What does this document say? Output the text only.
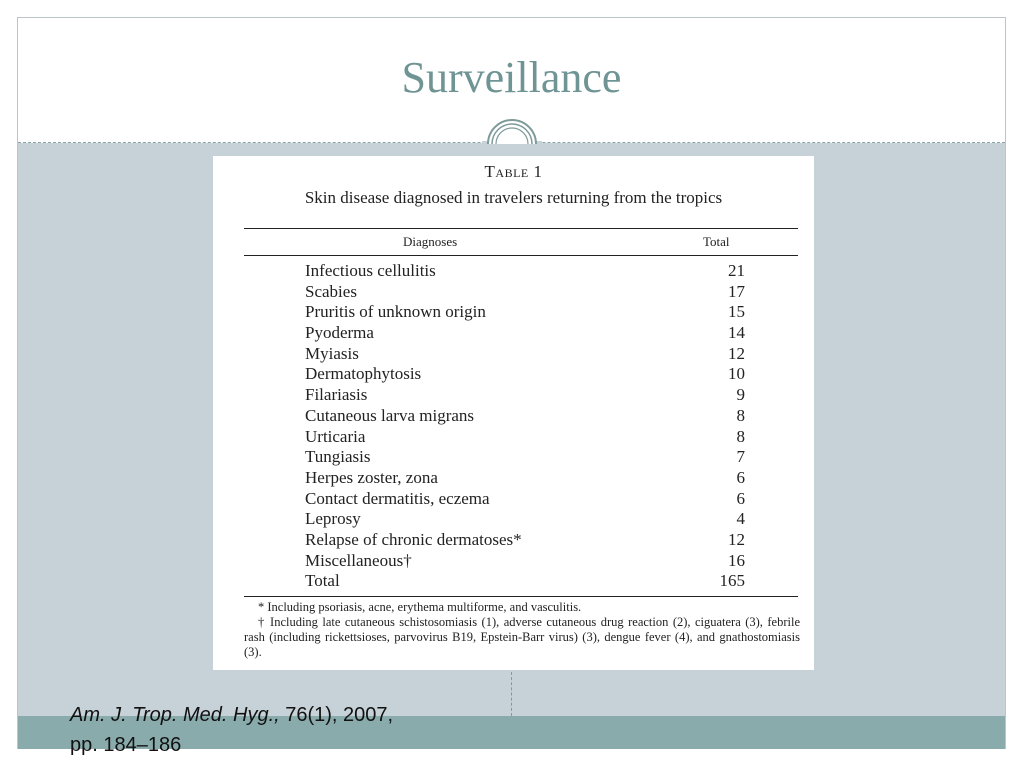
Surveillance
Table 1
Skin disease diagnosed in travelers returning from the tropics
Diagnoses	Total
Infectious cellulitis	21
Scabies	17
Pruritis of unknown origin	15
Pyoderma	14
Myiasis	12
Dermatophytosis	10
Filariasis	9
Cutaneous larva migrans	8
Urticaria	8
Tungiasis	7
Herpes zoster, zona	6
Contact dermatitis, eczema	6
Leprosy	4
Relapse of chronic dermatoses*	12
Miscellaneous†	16
Total	165
* Including psoriasis, acne, erythema multiforme, and vasculitis.
† Including late cutaneous schistosomiasis (1), adverse cutaneous drug reaction (2), ciguatera (3), febrile rash (including rickettsioses, parvovirus B19, Epstein-Barr virus) (3), dengue fever (4), and gnathostomiasis (3).
Am. J. Trop. Med. Hyg., 76(1), 2007,
pp. 184–186
